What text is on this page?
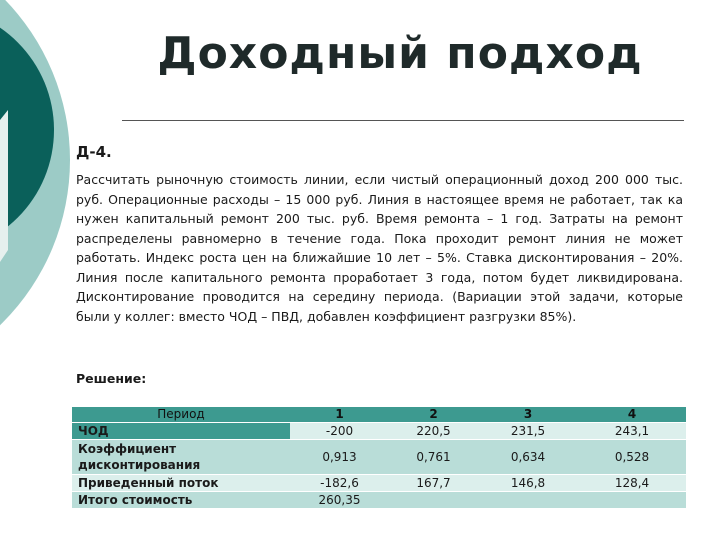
Доходный подход
Д-4.
Рассчитать рыночную стоимость линии, если чистый операционный доход 200 000 тыс. руб. Операционные расходы – 15 000 руб. Линия в настоящее время не работает, так ка нужен капитальный ремонт 200 тыс. руб. Время ремонта – 1 год. Затраты на ремонт распределены равномерно в течение года. Пока проходит ремонт линия не может работать. Индекс роста цен на ближайшие 10 лет – 5%. Ставка дисконтирования – 20%. Линия после капитального ремонта проработает 3 года, потом будет ликвидирована. Дисконтирование проводится на середину периода. (Вариации этой задачи, которые были у коллег: вместо ЧОД – ПВД, добавлен коэффициент разгрузки 85%).
Решение:
Период	1	2	3	4
ЧОД	-200	220,5	231,5	243,1
Коэффициент дисконтирования	0,913	0,761	0,634	0,528
Приведенный поток	-182,6	167,7	146,8	128,4
Итого стоимость	260,35			
